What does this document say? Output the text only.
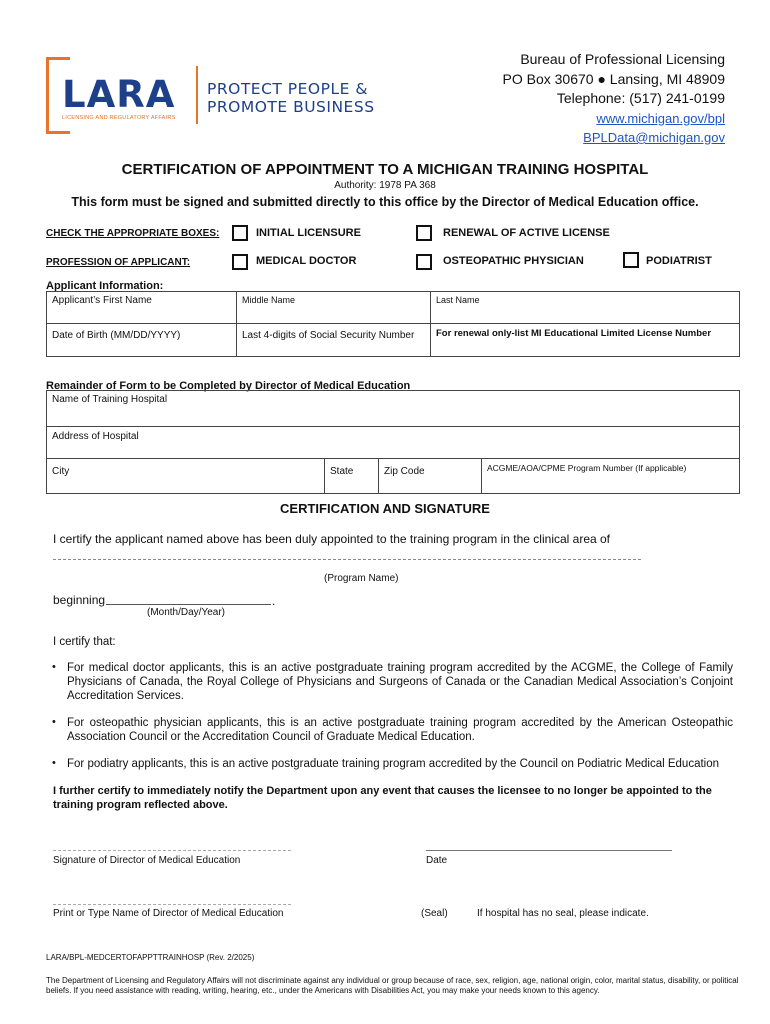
LARA
LICENSING AND REGULATORY AFFAIRS
PROTECT PEOPLE &
PROMOTE BUSINESS
Bureau of Professional Licensing
PO Box 30670 ● Lansing, MI 48909
Telephone: (517) 241-0199
www.michigan.gov/bpl
BPLData@michigan.gov
CERTIFICATION OF APPOINTMENT TO A MICHIGAN TRAINING HOSPITAL
Authority: 1978 PA 368
This form must be signed and submitted directly to this office by the Director of Medical Education office.
CHECK THE APPROPRIATE BOXES:	INITIAL LICENSURE	RENEWAL OF ACTIVE LICENSE
PROFESSION OF APPLICANT:	MEDICAL DOCTOR	OSTEOPATHIC PHYSICIAN	PODIATRIST
Applicant Information:
Applicant’s First Name	Middle Name	Last Name
Date of Birth (MM/DD/YYYY)	Last 4-digits of Social Security Number	For renewal only-list MI Educational Limited License Number
Remainder of Form to be Completed by Director of Medical Education
Name of Training Hospital
Address of Hospital
City	State	Zip Code	ACGME/AOA/CPME Program Number (If applicable)
CERTIFICATION AND SIGNATURE
I certify the applicant named above has been duly appointed to the training program in the clinical area of
(Program Name)
beginning	.
(Month/Day/Year)
I certify that:
• For medical doctor applicants, this is an active postgraduate training program accredited by the ACGME, the College of Family Physicians of Canada, the Royal College of Physicians and Surgeons of Canada or the Canadian Medical Association’s Conjoint Accreditation Services.
• For osteopathic physician applicants, this is an active postgraduate training program accredited by the American Osteopathic Association Council or the Accreditation Council of Graduate Medical Education.
• For podiatry applicants, this is an active postgraduate training program accredited by the Council on Podiatric Medical Education
I further certify to immediately notify the Department upon any event that causes the licensee to no longer be appointed to the training program reflected above.
Signature of Director of Medical Education	Date
Print or Type Name of Director of Medical Education	(Seal)	If hospital has no seal, please indicate.
LARA/BPL-MEDCERTOFAPPTTRAINHOSP (Rev. 2/2025)
The Department of Licensing and Regulatory Affairs will not discriminate against any individual or group because of race, sex, religion, age, national origin, color, marital status, disability, or political beliefs. If you need assistance with reading, writing, hearing, etc., under the Americans with Disabilities Act, you may make your needs known to this agency.
